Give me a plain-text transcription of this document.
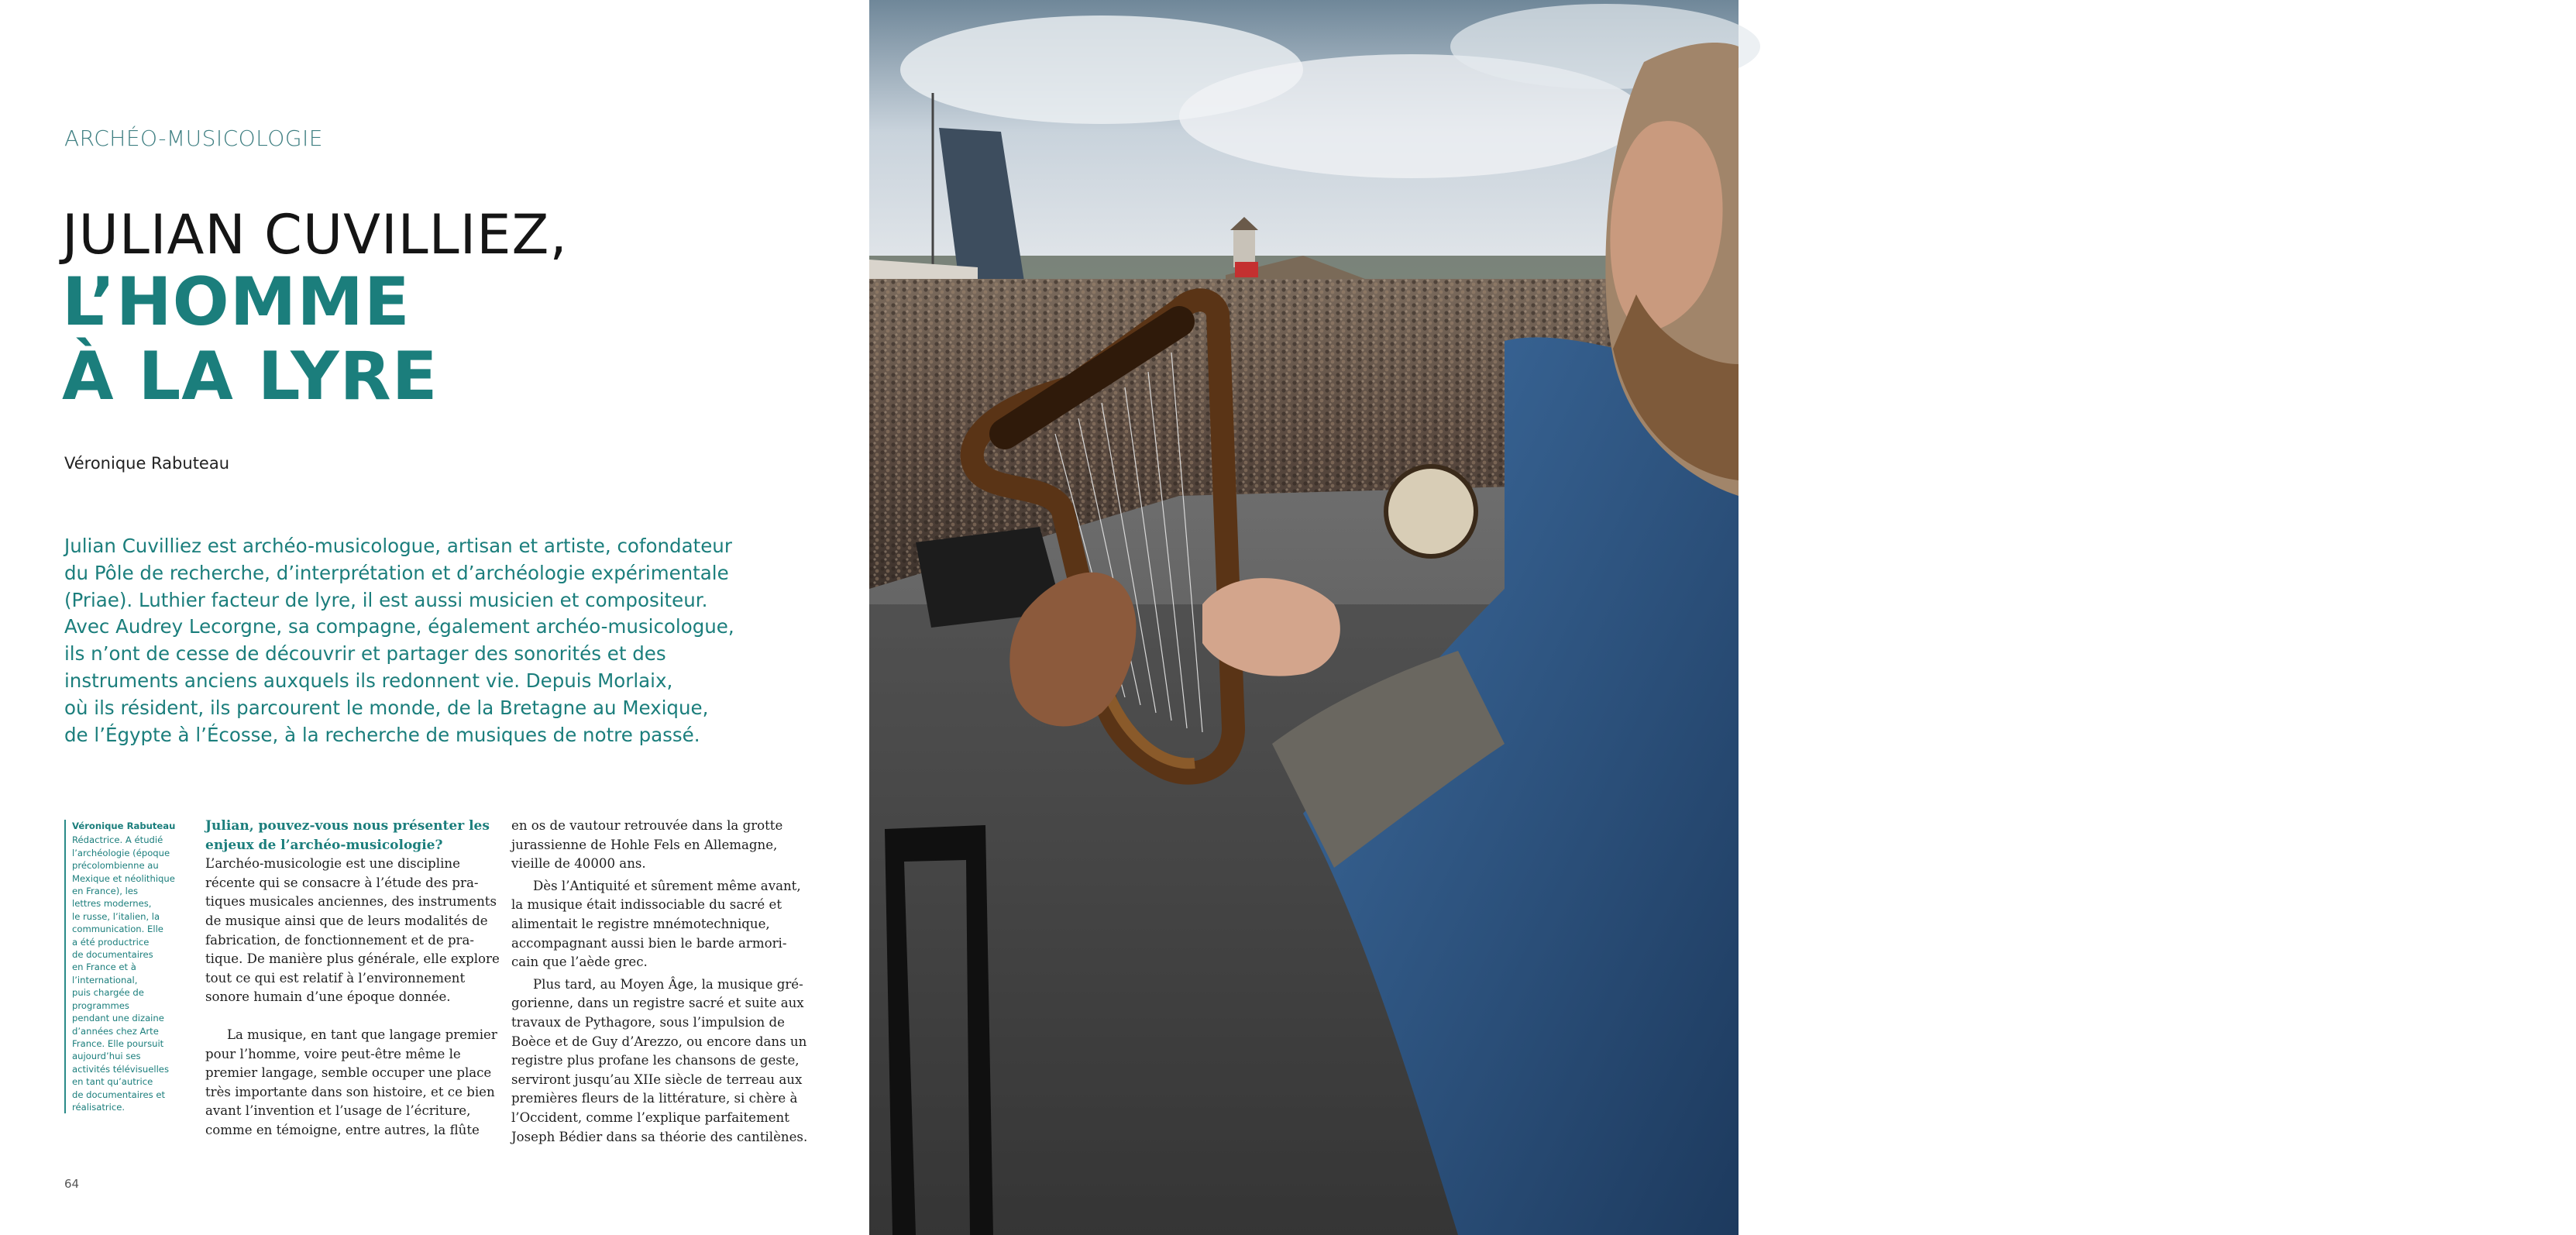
ARCHÉO-MUSICOLOGIE
JULIAN CUVILLIEZ,
L’HOMME
À LA LYRE
Véronique Rabuteau
Julian Cuvilliez est archéo-musicologue, artisan et artiste, cofondateur
du Pôle de recherche, d’interprétation et d’archéologie expérimentale
(Priae). Luthier facteur de lyre, il est aussi musicien et compositeur.
Avec Audrey Lecorgne, sa compagne, également archéo-musicologue,
ils n’ont de cesse de découvrir et partager des sonorités et des
instruments anciens auxquels ils redonnent vie. Depuis Morlaix,
où ils résident, ils parcourent le monde, de la Bretagne au Mexique,
de l’Égypte à l’Écosse, à la recherche de musiques de notre passé.
Véronique Rabuteau
Rédactrice. A étudié
l’archéologie (époque
précolombienne au
Mexique et néolithique
en France), les
lettres modernes,
le russe, l’italien, la
communication. Elle
a été productrice
de documentaires
en France et à
l’international,
puis chargée de
programmes
pendant une dizaine
d’années chez Arte
France. Elle poursuit
aujourd’hui ses
activités télévisuelles
en tant qu’autrice
de documentaires et
réalisatrice.
Julian, pouvez-vous nous présenter les
enjeux de l’archéo-musicologie?
L’archéo-musicologie est une discipline
récente qui se consacre à l’étude des pra-
tiques musicales anciennes, des instruments
de musique ainsi que de leurs modalités de
fabrication, de fonctionnement et de pra-
tique. De manière plus générale, elle explore
tout ce qui est relatif à l’environnement
sonore humain d’une époque donnée.
La musique, en tant que langage premier
pour l’homme, voire peut-être même le
premier langage, semble occuper une place
très importante dans son histoire, et ce bien
avant l’invention et l’usage de l’écriture,
comme en témoigne, entre autres, la flûte
en os de vautour retrouvée dans la grotte
jurassienne de Hohle Fels en Allemagne,
vieille de 40000 ans.
Dès l’Antiquité et sûrement même avant,
la musique était indissociable du sacré et
alimentait le registre mnémotechnique,
accompagnant aussi bien le barde armori-
cain que l’aède grec.
Plus tard, au Moyen Âge, la musique gré-
gorienne, dans un registre sacré et suite aux
travaux de Pythagore, sous l’impulsion de
Boèce et de Guy d’Arezzo, ou encore dans un
registre plus profane les chansons de geste,
serviront jusqu’au XIIe siècle de terreau aux
premières fleurs de la littérature, si chère à
l’Occident, comme l’explique parfaitement
Joseph Bédier dans sa théorie des cantilènes.
64
Julian Cuvilliez sur la
scène du Wacken Open
Air festival 2020 (© Julian
Cuvilliez - Ar Bard).
